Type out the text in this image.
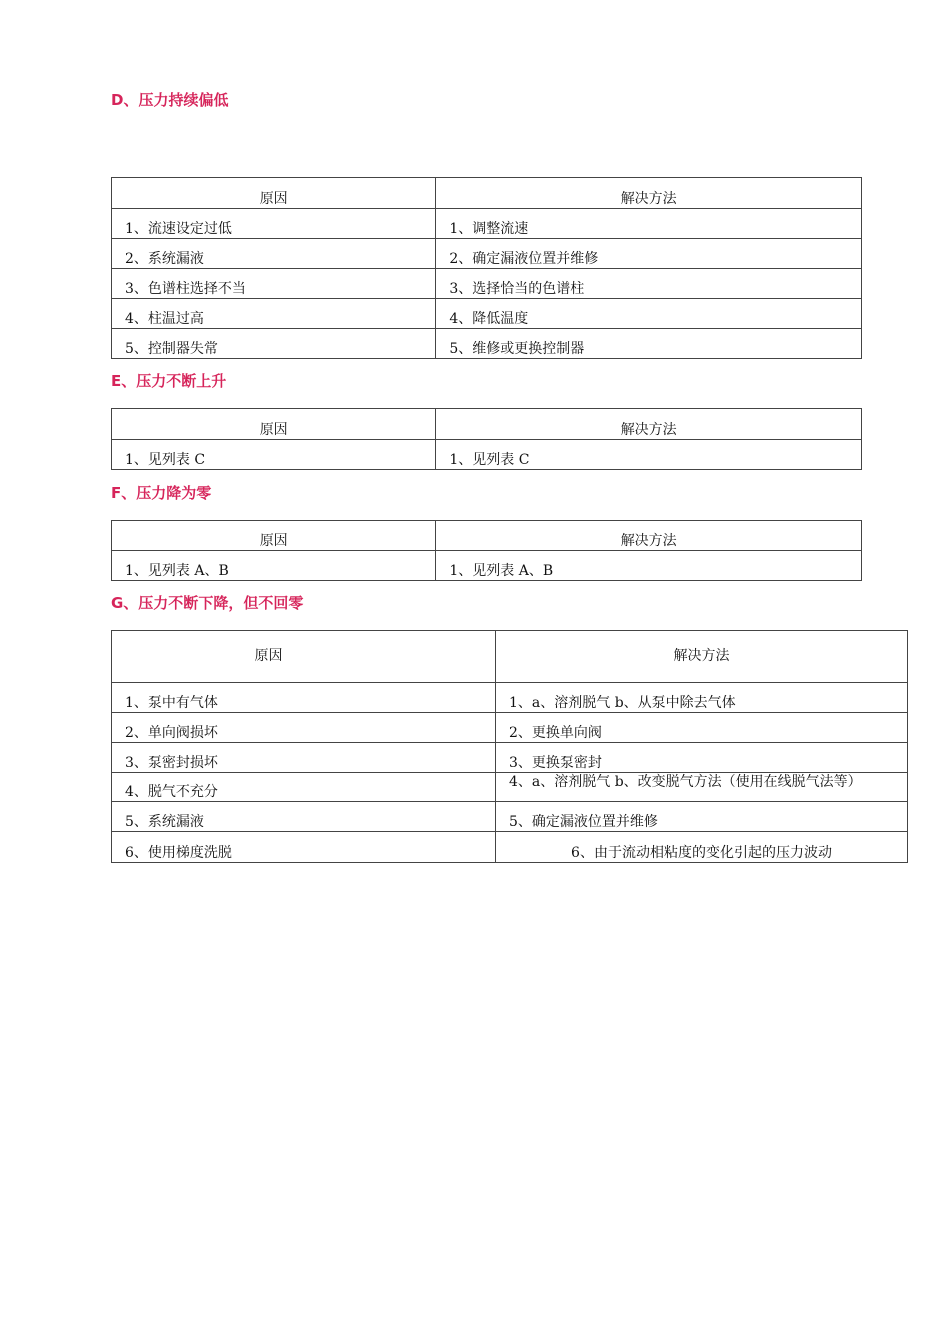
D、压力持续偏低
原因	解决方法
1、流速设定过低	1、调整流速
2、系统漏液	2、确定漏液位置并维修
3、色谱柱选择不当	3、选择恰当的色谱柱
4、柱温过高	4、降低温度
5、控制器失常	5、维修或更换控制器
E、压力不断上升
原因	解决方法
1、见列表 C	1、见列表 C
F、压力降为零
原因	解决方法
1、见列表 A、B	1、见列表 A、B
G、压力不断下降，但不回零
原因	解决方法
1、泵中有气体	1、a、溶剂脱气 b、从泵中除去气体
2、单向阀损坏	2、更换单向阀
3、泵密封损坏	3、更换泵密封
4、脱气不充分	4、a、溶剂脱气 b、改变脱气方法（使用在线脱气法等）
5、系统漏液	5、确定漏液位置并维修
6、使用梯度洗脱	6、由于流动相粘度的变化引起的压力波动
